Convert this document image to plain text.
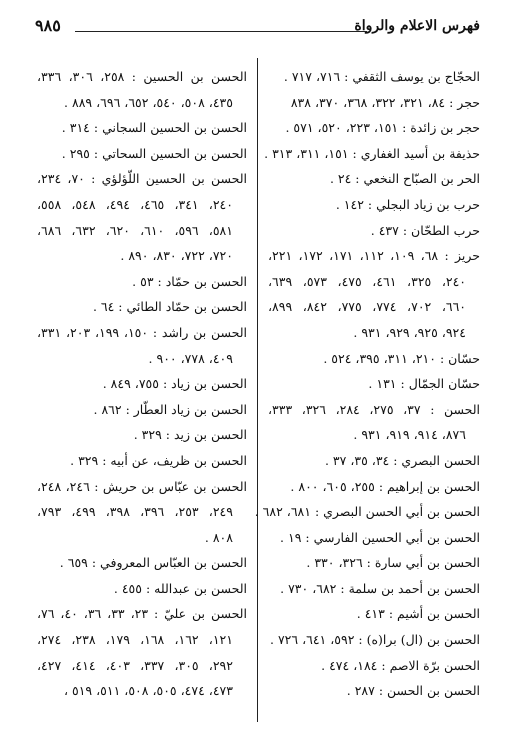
فهرس الاعلام والرواة
٩٨٥
الحجّاج بن يوسف الثقفي : ٧١٦، ٧١٧ .
حجر : ٨٤، ٣٢١، ٣٢٢، ٣٦٨، ٣٧٠، ٨٣٨
حجر بن زائدة : ١٥١، ٢٢٣، ٥٢٠، ٥٧١ .
حذيفة بن أسيد الغفاري : ١٥١، ٣١١، ٣١٣ .
الحر بن الصبّاح النخعي : ٢٤ .
حرب بن زياد البجلي : ١٤٢ .
حرب الطحّان : ٤٣٧ .
حريز : ٦٨، ١٠٩، ١١٢، ١٧١، ١٧٢، ٢٢١،
٢٤٠، ٣٢٥، ٤٦١، ٤٧٥، ٥٧٣، ٦٣٩،
٦٦٠، ٧٠٢، ٧٧٤، ٧٧٥، ٨٤٢، ٨٩٩،
٩٢٤، ٩٢٥، ٩٢٩، ٩٣١ .
حسّان : ٢١٠، ٣١١، ٣٩٥، ٥٢٤ .
حسّان الجمّال : ١٣١ .
الحسن : ٣٧، ٢٧٥، ٢٨٤، ٣٢٦، ٣٣٣،
٨٧٦، ٩١٤، ٩١٩، ٩٣١ .
الحسن البصري : ٣٤، ٣٥، ٣٧ .
الحسن بن إبراهيم : ٢٥٥، ٦٠٥، ٨٠٠ .
الحسن بن أبي الحسن البصري : ٦٨١، ٦٨٢ .
الحسن بن أبي الحسين الفارسي : ١٩ .
الحسن بن أبي سارة : ٣٢٦، ٣٣٠ .
الحسن بن أحمد بن سلمة : ٦٨٢، ٧٣٠ .
الحسن بن أشيم : ٤١٣ .
الحسن بن (ال) برا(ه) : ٥٩٢، ٦٤١، ٧٢٦ .
الحسن برّة الاصم : ١٨٤، ٤٧٤ .
الحسن بن الحسن : ٢٨٧ .
الحسن بن الحسين : ٢٥٨، ٣٠٦، ٣٣٦،
٤٣٥، ٥٠٨، ٥٤٠، ٦٥٢، ٦٩٦، ٨٨٩ .
الحسن بن الحسين السجاني : ٣١٤ .
الحسن بن الحسين السحاتي : ٢٩٥ .
الحسن بن الحسين اللّؤلؤي : ٧٠، ٢٣٤،
٢٤٠، ٣٤١، ٤٦٥، ٤٩٤، ٥٤٨، ٥٥٨،
٥٨١، ٥٩٦، ٦١٠، ٦٢٠، ٦٣٢، ٦٨٦،
٧٢٠، ٧٢٢، ٨٣٠، ٨٩٠ .
الحسن بن حمّاد : ٥٣ .
الحسن بن حمّاد الطائي : ٦٤ .
الحسن بن راشد : ١٥٠، ١٩٩، ٢٠٣، ٣٣١،
٤٠٩، ٧٧٨، ٩٠٠ .
الحسن بن زياد : ٧٥٥، ٨٤٩ .
الحسن بن زياد العطّار : ٨٦٢ .
الحسن بن زيد : ٣٢٩ .
الحسن بن ظريف، عن أبيه : ٣٢٩ .
الحسن بن عبّاس بن حريش : ٢٤٦، ٢٤٨،
٢٤٩، ٢٥٣، ٣٩٦، ٣٩٨، ٤٩٩، ٧٩٣،
٨٠٨ .
الحسن بن العبّاس المعروفي : ٦٥٩ .
الحسن بن عبدالله : ٤٥٥ .
الحسن بن عليّ : ٢٣، ٣٣، ٣٦، ٤٠، ٧٦،
١٢١، ١٦٢، ١٦٨، ١٧٩، ٢٣٨، ٢٧٤،
٢٩٢، ٣٠٥، ٣٣٧، ٤٠٣، ٤١٤، ٤٢٧،
٤٧٣، ٤٧٤، ٥٠٥، ٥٠٨، ٥١١، ٥١٩ ،
